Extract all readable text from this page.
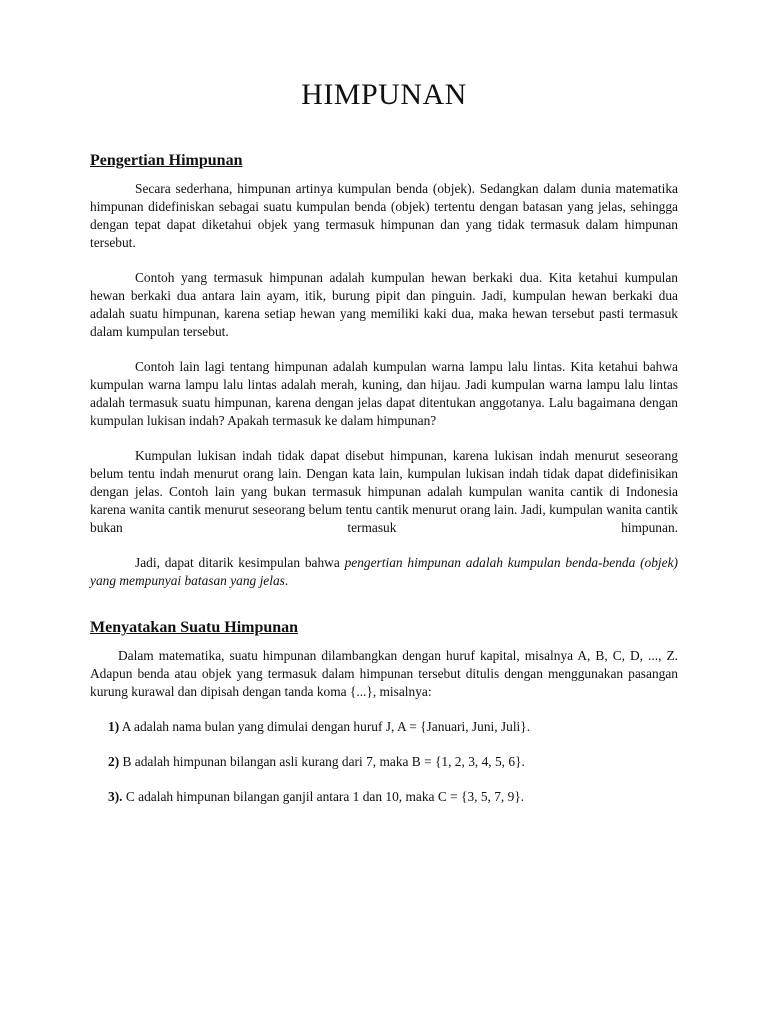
HIMPUNAN
Pengertian Himpunan

Secara sederhana, himpunan artinya kumpulan benda (objek). Sedangkan dalam dunia matematika himpunan didefiniskan sebagai suatu kumpulan benda (objek) tertentu dengan batasan yang jelas, sehingga dengan tepat dapat diketahui objek yang termasuk himpunan dan yang tidak termasuk dalam himpunan tersebut.

Contoh yang termasuk himpunan adalah kumpulan hewan berkaki dua. Kita ketahui kumpulan hewan berkaki dua antara lain ayam, itik, burung pipit dan pinguin. Jadi, kumpulan hewan berkaki dua adalah suatu himpunan, karena setiap hewan yang memiliki kaki dua, maka hewan tersebut pasti termasuk dalam kumpulan tersebut.

Contoh lain lagi tentang himpunan adalah kumpulan warna lampu lalu lintas. Kita ketahui bahwa kumpulan warna lampu lalu lintas adalah merah, kuning, dan hijau. Jadi kumpulan warna lampu lalu lintas adalah termasuk suatu himpunan, karena dengan jelas dapat ditentukan anggotanya. Lalu bagaimana dengan kumpulan lukisan indah? Apakah termasuk ke dalam himpunan?

Kumpulan lukisan indah tidak dapat disebut himpunan, karena lukisan indah menurut seseorang belum tentu indah menurut orang lain. Dengan kata lain, kumpulan lukisan indah tidak dapat didefinisikan dengan jelas. Contoh lain yang bukan termasuk himpunan adalah kumpulan wanita cantik di Indonesia karena wanita cantik menurut seseorang belum tentu cantik menurut orang lain. Jadi, kumpulan wanita cantik bukan termasuk himpunan.

Jadi, dapat ditarik kesimpulan bahwa pengertian himpunan adalah kumpulan benda-benda (objek) yang mempunyai batasan yang jelas.

Menyatakan Suatu Himpunan

Dalam matematika, suatu himpunan dilambangkan dengan huruf kapital, misalnya A, B, C, D, ..., Z. Adapun benda atau objek yang termasuk dalam himpunan tersebut ditulis dengan menggunakan pasangan kurung kurawal dan dipisah dengan tanda koma {...}, misalnya:

1) A adalah nama bulan yang dimulai dengan huruf J, A = {Januari, Juni, Juli}.
2) B adalah himpunan bilangan asli kurang dari 7, maka B = {1, 2, 3, 4, 5, 6}.
3). C adalah himpunan bilangan ganjil antara 1 dan 10, maka C = {3, 5, 7, 9}.
